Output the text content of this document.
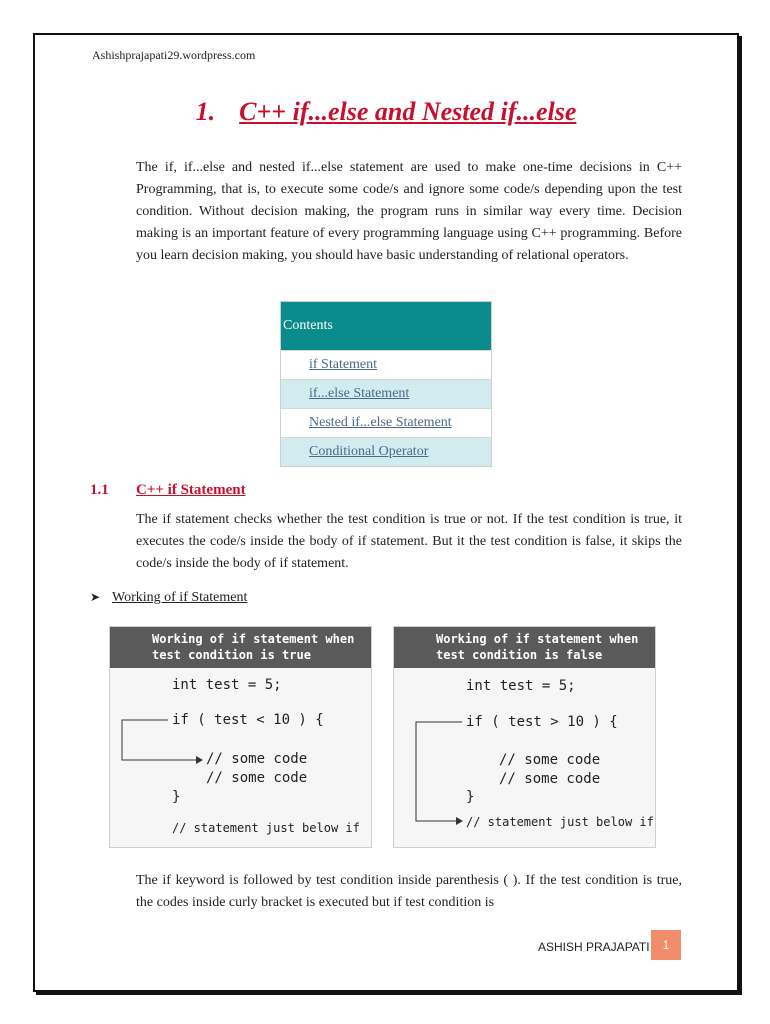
Ashishprajapati29.wordpress.com
1. C++ if...else and Nested if...else
The if, if...else and nested if...else statement are used to make one-time decisions in C++ Programming, that is, to execute some code/s and ignore some code/s depending upon the test condition. Without decision making, the program runs in similar way every time. Decision making is an important feature of every programming language using C++ programming. Before you learn decision making, you should have basic understanding of relational operators.
Contents
if Statement
if...else Statement
Nested if...else Statement
Conditional Operator
1.1 C++ if Statement
The if statement checks whether the test condition is true or not. If the test condition is true, it executes the code/s inside the body of if statement. But it the test condition is false, it skips the code/s inside the body of if statement.
➤ Working of if Statement
Working of if statement when test condition is true
int test = 5;
if ( test < 10 ) {
// some code
// some code
}
// statement just below if
Working of if statement when test condition is false
int test = 5;
if ( test > 10 ) {
// some code
// some code
}
// statement just below if
The if keyword is followed by test condition inside parenthesis ( ). If the test condition is true, the codes inside curly bracket is executed but if test condition is
ASHISH PRAJAPATI	1
